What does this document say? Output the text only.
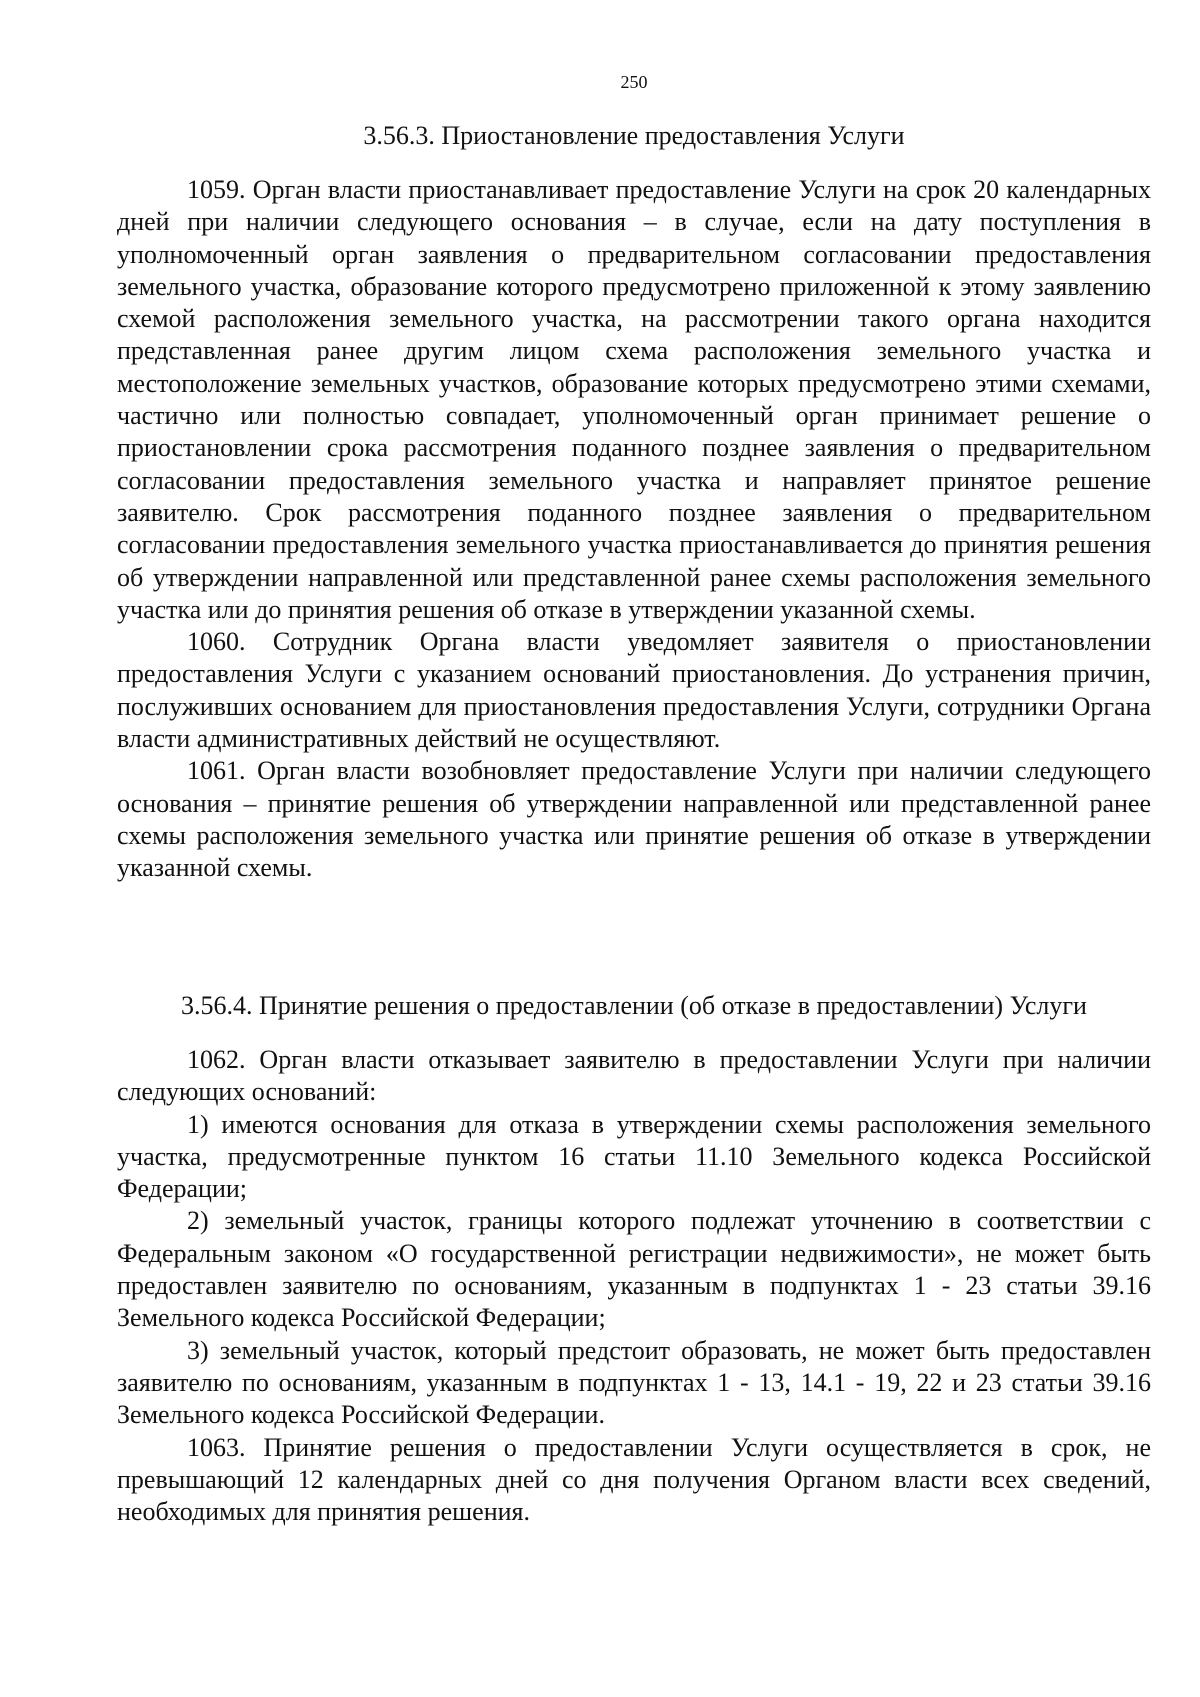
250
3.56.3. Приостановление предоставления Услуги

1059. Орган власти приостанавливает предоставление Услуги на срок 20 календарных дней при наличии следующего основания – в случае, если на дату поступления в уполномоченный орган заявления о предварительном согласовании предоставления земельного участка, образование которого предусмотрено приложенной к этому заявлению схемой расположения земельного участка, на рассмотрении такого органа находится представленная ранее другим лицом схема расположения земельного участка и местоположение земельных участков, образование которых предусмотрено этими схемами, частично или полностью совпадает, уполномоченный орган принимает решение о приостановлении срока рассмотрения поданного позднее заявления о предварительном согласовании предоставления земельного участка и направляет принятое решение заявителю. Срок рассмотрения поданного позднее заявления о предварительном согласовании предоставления земельного участка приостанавливается до принятия решения об утверждении направленной или представленной ранее схемы расположения земельного участка или до принятия решения об отказе в утверждении указанной схемы.

1060. Сотрудник Органа власти уведомляет заявителя о приостановлении предоставления Услуги с указанием оснований приостановления. До устранения причин, послуживших основанием для приостановления предоставления Услуги, сотрудники Органа власти административных действий не осуществляют.

1061. Орган власти возобновляет предоставление Услуги при наличии следующего основания – принятие решения об утверждении направленной или представленной ранее схемы расположения земельного участка или принятие решения об отказе в утверждении указанной схемы.

3.56.4. Принятие решения о предоставлении (об отказе в предоставлении) Услуги

1062. Орган власти отказывает заявителю в предоставлении Услуги при наличии следующих оснований:

1) имеются основания для отказа в утверждении схемы расположения земельного участка, предусмотренные пунктом 16 статьи 11.10 Земельного кодекса Российской Федерации;

2) земельный участок, границы которого подлежат уточнению в соответствии с Федеральным законом «О государственной регистрации недвижимости», не может быть предоставлен заявителю по основаниям, указанным в подпунктах 1 - 23 статьи 39.16 Земельного кодекса Российской Федерации;

3) земельный участок, который предстоит образовать, не может быть предоставлен заявителю по основаниям, указанным в подпунктах 1 - 13, 14.1 - 19, 22 и 23 статьи 39.16 Земельного кодекса Российской Федерации.

1063. Принятие решения о предоставлении Услуги осуществляется в срок, не превышающий 12 календарных дней со дня получения Органом власти всех сведений, необходимых для принятия решения.
